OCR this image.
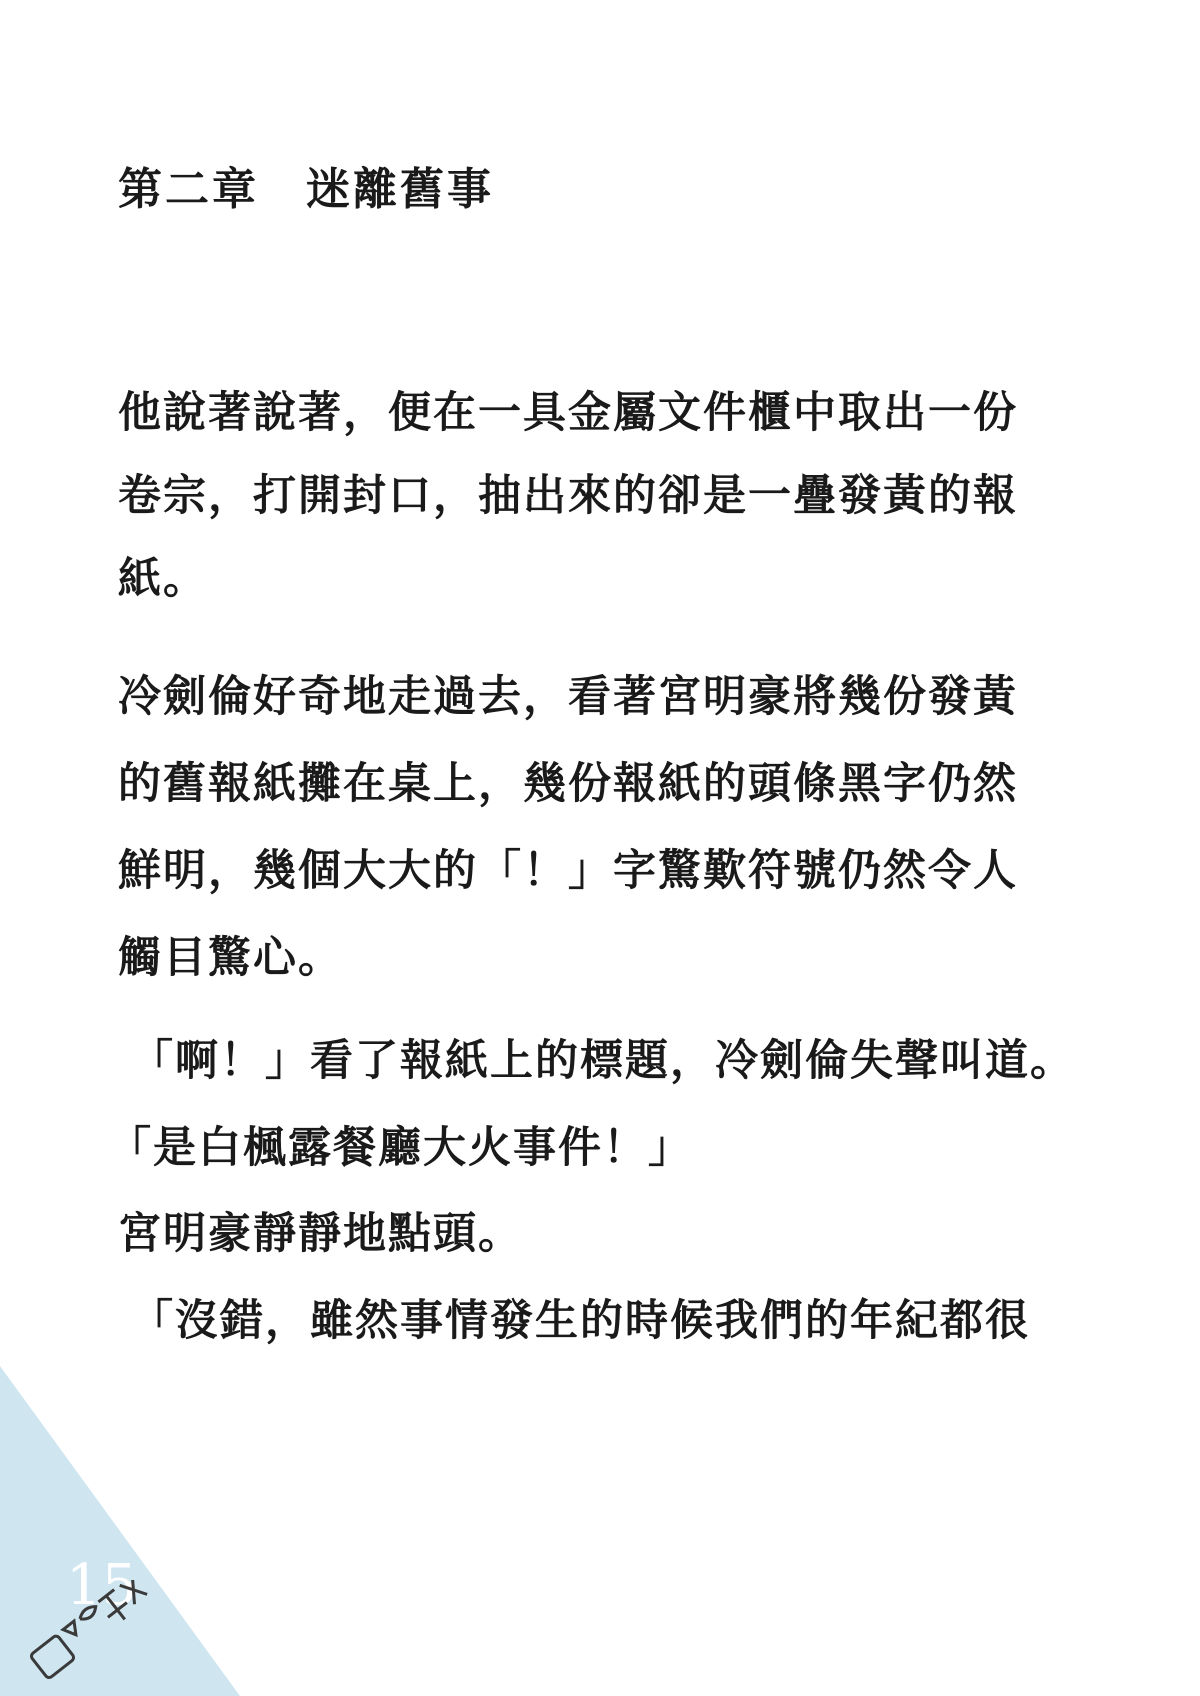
第二章　迷離舊事
他說著說著，便在一具金屬文件櫃中取出一份
卷宗，打開封口，抽出來的卻是一疊發黃的報
紙。
冷劍倫好奇地走過去，看著宮明豪將幾份發黃
的舊報紙攤在桌上，幾份報紙的頭條黑字仍然
鮮明，幾個大大的「！」字驚歎符號仍然令人
觸目驚心。
「啊！」看了報紙上的標題，冷劍倫失聲叫道。
「是白楓露餐廳大火事件！」
宮明豪靜靜地點頭。
「沒錯，雖然事情發生的時候我們的年紀都很
15
